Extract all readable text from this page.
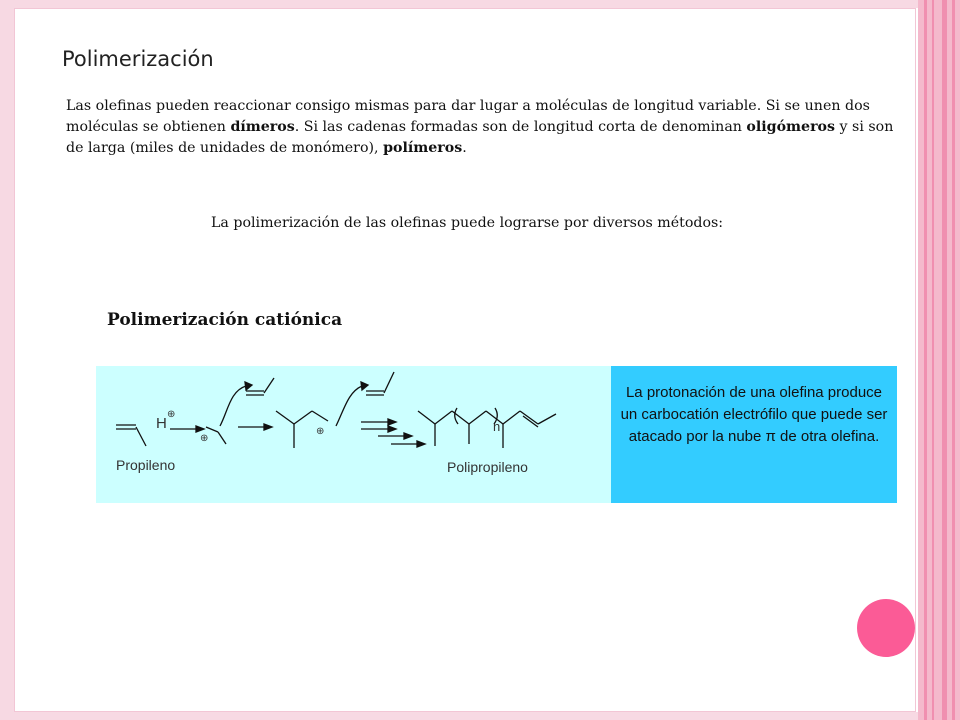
Polimerización
Las olefinas pueden reaccionar consigo mismas para dar lugar a moléculas de longitud variable. Si se unen dos moléculas se obtienen dímeros. Si las cadenas formadas son de longitud corta de denominan oligómeros y si son de larga (miles de unidades de monómero), polímeros.
La polimerización de las olefinas puede lograrse por diversos métodos:
Polimerización catiónica
H
⊕
⊕
⊕	n
Propileno	Polipropileno
La protonación de una olefina produce un carbocatión electrófilo que puede ser atacado por la nube π de otra olefina.
